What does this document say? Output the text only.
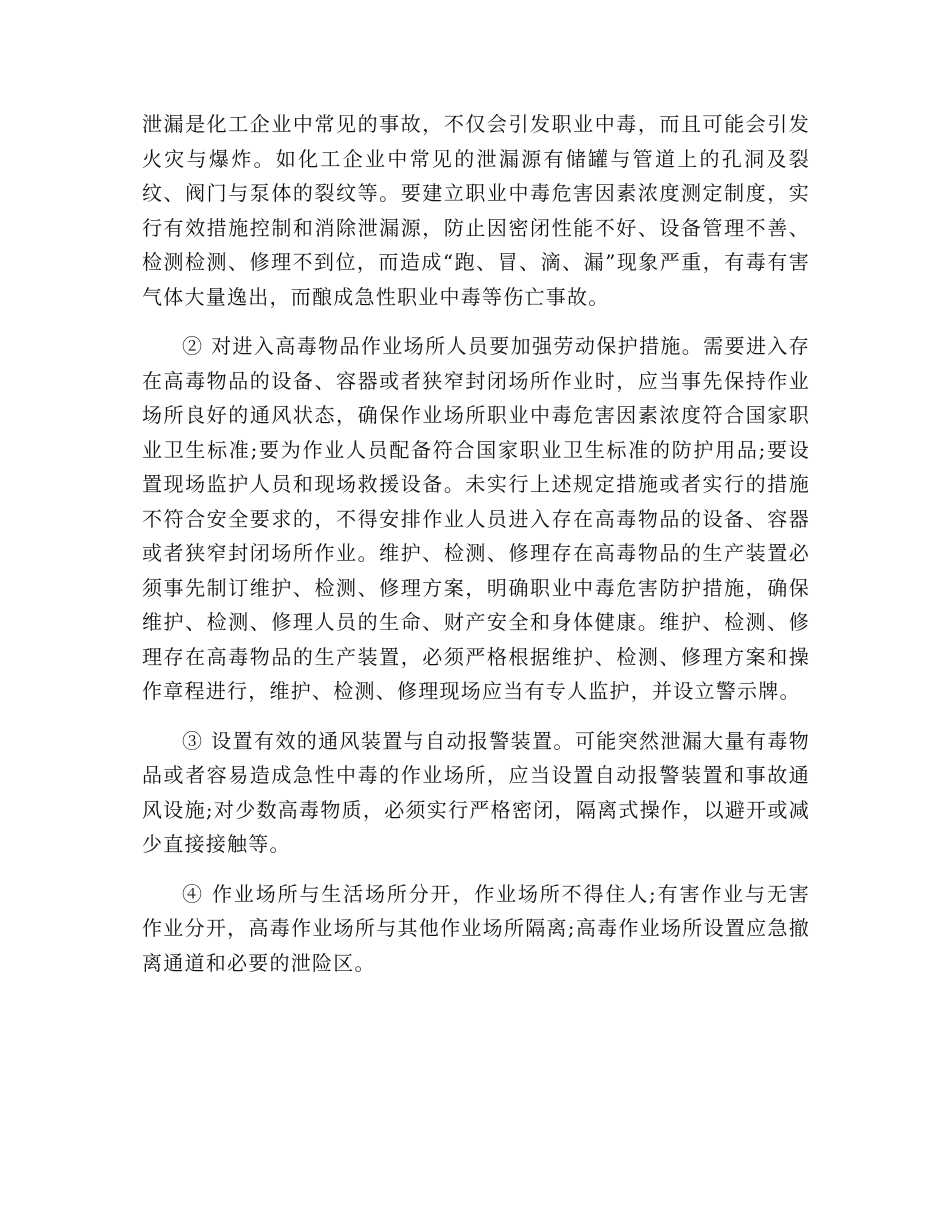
泄漏是化工企业中常见的事故，不仅会引发职业中毒，而且可能会引发火灾与爆炸。如化工企业中常见的泄漏源有储罐与管道上的孔洞及裂纹、阀门与泵体的裂纹等。要建立职业中毒危害因素浓度测定制度，实行有效措施控制和消除泄漏源，防止因密闭性能不好、设备管理不善、检测检测、修理不到位，而造成“跑、冒、滴、漏”现象严重，有毒有害气体大量逸出，而酿成急性职业中毒等伤亡事故。

② 对进入高毒物品作业场所人员要加强劳动保护措施。需要进入存在高毒物品的设备、容器或者狭窄封闭场所作业时，应当事先保持作业场所良好的通风状态，确保作业场所职业中毒危害因素浓度符合国家职业卫生标准;要为作业人员配备符合国家职业卫生标准的防护用品;要设置现场监护人员和现场救援设备。未实行上述规定措施或者实行的措施不符合安全要求的，不得安排作业人员进入存在高毒物品的设备、容器或者狭窄封闭场所作业。维护、检测、修理存在高毒物品的生产装置必须事先制订维护、检测、修理方案，明确职业中毒危害防护措施，确保维护、检测、修理人员的生命、财产安全和身体健康。维护、检测、修理存在高毒物品的生产装置，必须严格根据维护、检测、修理方案和操作章程进行，维护、检测、修理现场应当有专人监护，并设立警示牌。

③ 设置有效的通风装置与自动报警装置。可能突然泄漏大量有毒物品或者容易造成急性中毒的作业场所，应当设置自动报警装置和事故通风设施;对少数高毒物质，必须实行严格密闭，隔离式操作，以避开或减少直接接触等。

④ 作业场所与生活场所分开，作业场所不得住人;有害作业与无害作业分开，高毒作业场所与其他作业场所隔离;高毒作业场所设置应急撤离通道和必要的泄险区。
